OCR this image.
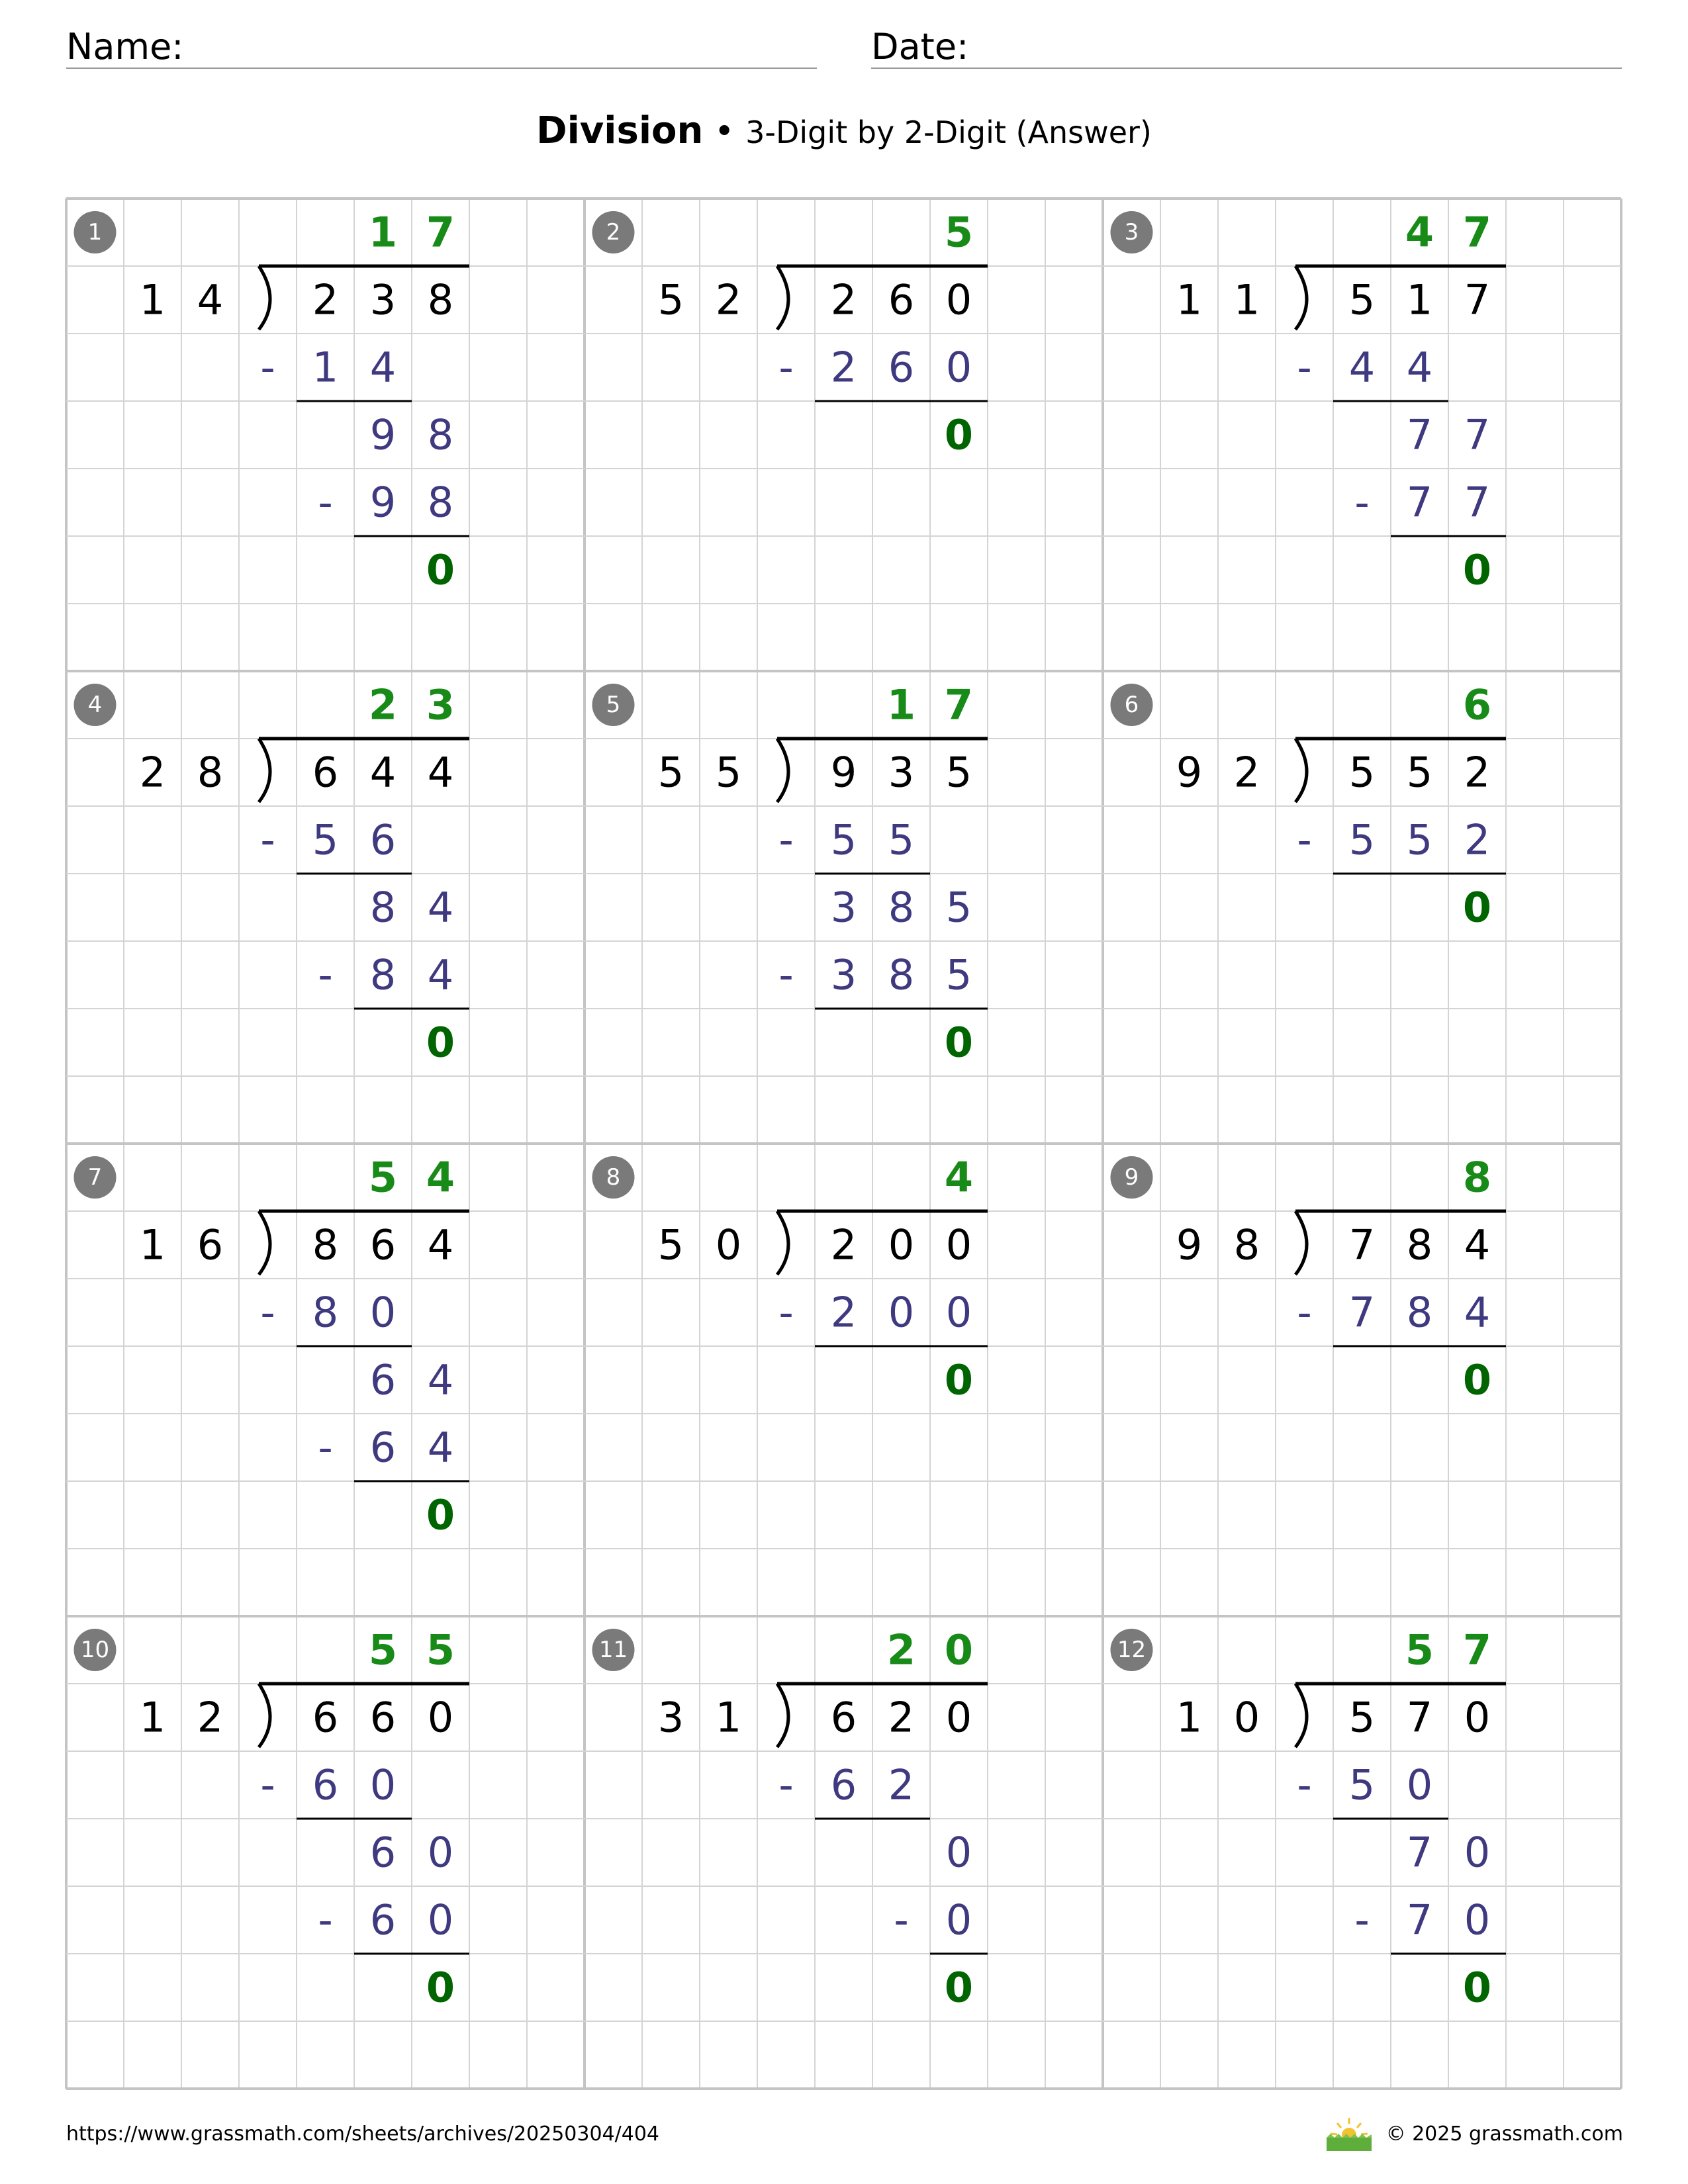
Name:	Date:
Division • 3-Digit by 2-Digit (Answer)
1
1 4 2 3 8
1 7
- 1 4
9 8
- 9 8
0
2
5 2 2 6 0
5
- 2 6 0
0
3
1 1 5 1 7
4 7
- 4 4
7 7
- 7 7
0
4
2 8 6 4 4
2 3
- 5 6
8 4
- 8 4
0
5
5 5 9 3 5
1 7
- 5 5
3 8 5
- 3 8 5
0
6
9 2 5 5 2
6
- 5 5 2
0
7
1 6 8 6 4
5 4
- 8 0
6 4
- 6 4
0
8
5 0 2 0 0
4
- 2 0 0
0
9
9 8 7 8 4
8
- 7 8 4
0
10
1 2 6 6 0
5 5
- 6 0
6 0
- 6 0
0
11
3 1 6 2 0
2 0
- 6 2
0
- 0
0
12
1 0 5 7 0
5 7
- 5 0
7 0
- 7 0
0
https://www.grassmath.com/sheets/archives/20250304/404	© 2025 grassmath.com
